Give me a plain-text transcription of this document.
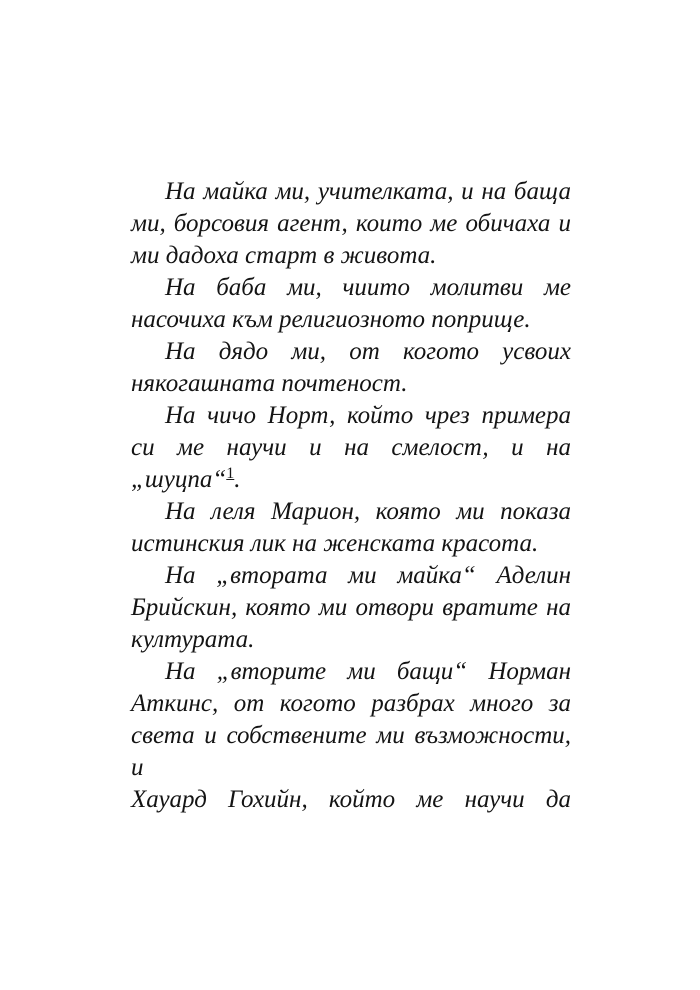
На майка ми, учителката, и на баща ми, борсовия агент, които ме обичаха и ми дадоха старт в живота.

На баба ми, чиито молитви ме насочиха към религиозното поприще.

На дядо ми, от когото усвоих някогашната почтеност.

На чичо Норт, който чрез примера си ме научи и на смелост, и на „шуцпа“$^1$.

На леля Марион, която ми показа истинския лик на женската красота.

На „втората ми майка“ Аделин Брийскин, която ми отвори вратите на културата.

На „вторите ми бащи“ Норман Аткинс, от когото разбрах много за света и собствените ми възможности, и

Хауард Гохийн, който ме научи да
